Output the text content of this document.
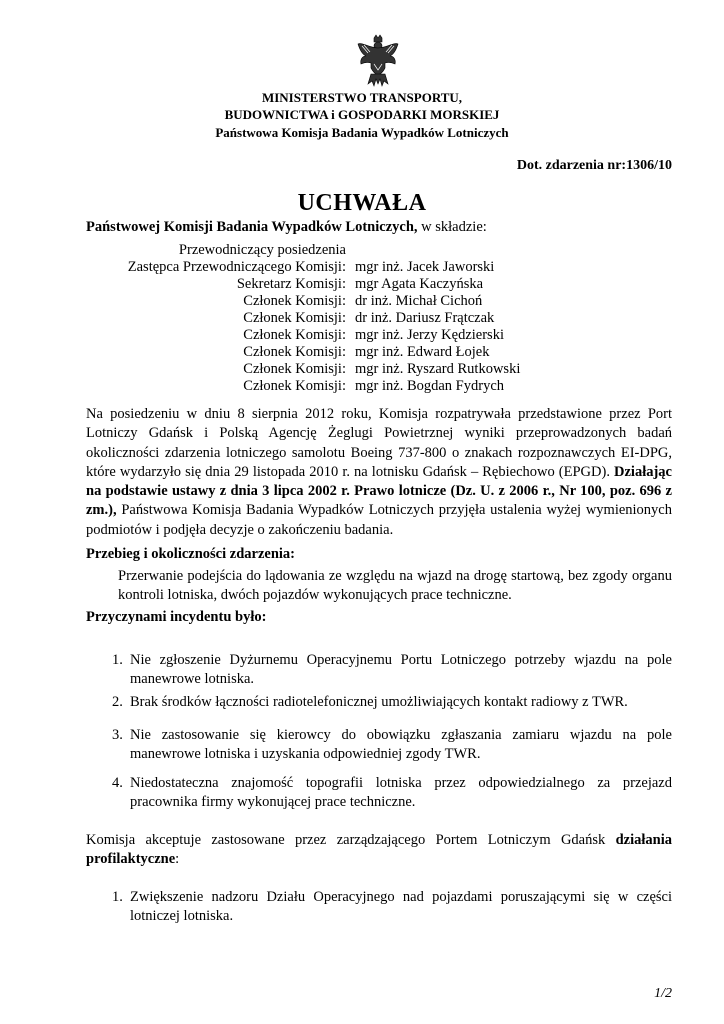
MINISTERSTWO TRANSPORTU,
BUDOWNICTWA i GOSPODARKI MORSKIEJ
Państwowa Komisja Badania Wypadków Lotniczych
Dot. zdarzenia nr:1306/10
UCHWAŁA
Państwowej Komisji Badania Wypadków Lotniczych, w składzie:
Przewodniczący posiedzenia
Zastępca Przewodniczącego Komisji:
Sekretarz Komisji:
Członek Komisji:
Członek Komisji:
Członek Komisji:
Członek Komisji:
Członek Komisji:
Członek Komisji:
mgr inż. Jacek Jaworski
mgr Agata Kaczyńska
dr inż. Michał Cichoń
dr inż. Dariusz Frątczak
mgr inż. Jerzy Kędzierski
mgr inż. Edward Łojek
mgr inż. Ryszard Rutkowski
mgr inż. Bogdan Fydrych
Na posiedzeniu w dniu 8 sierpnia 2012 roku, Komisja rozpatrywała przedstawione przez Port Lotniczy Gdańsk i Polską Agencję Żeglugi Powietrznej wyniki przeprowadzonych badań okoliczności zdarzenia lotniczego samolotu Boeing 737-800 o znakach rozpoznawczych EI-DPG, które wydarzyło się dnia 29 listopada 2010 r. na lotnisku Gdańsk – Rębiechowo (EPGD). Działając na podstawie ustawy z dnia 3 lipca 2002 r. Prawo lotnicze (Dz. U. z 2006 r., Nr 100, poz. 696 z zm.), Państwowa Komisja Badania Wypadków Lotniczych przyjęła ustalenia wyżej wymienionych podmiotów i podjęła decyzje o zakończeniu badania.
Przebieg i okoliczności zdarzenia:
Przerwanie podejścia do lądowania ze względu na wjazd na drogę startową, bez zgody organu kontroli lotniska, dwóch pojazdów wykonujących prace techniczne.
Przyczynami incydentu było:
1. Nie zgłoszenie Dyżurnemu Operacyjnemu Portu Lotniczego potrzeby wjazdu na pole manewrowe lotniska.
2. Brak środków łączności radiotelefonicznej umożliwiających kontakt radiowy z TWR.
3. Nie zastosowanie się kierowcy do obowiązku zgłaszania zamiaru wjazdu na pole manewrowe lotniska i uzyskania odpowiedniej zgody TWR.
4. Niedostateczna znajomość topografii lotniska przez odpowiedzialnego za przejazd pracownika firmy wykonującej prace techniczne.
Komisja akceptuje zastosowane przez zarządzającego Portem Lotniczym Gdańsk działania profilaktyczne:
1. Zwiększenie nadzoru Działu Operacyjnego nad pojazdami poruszającymi się w części lotniczej lotniska.
1/2
